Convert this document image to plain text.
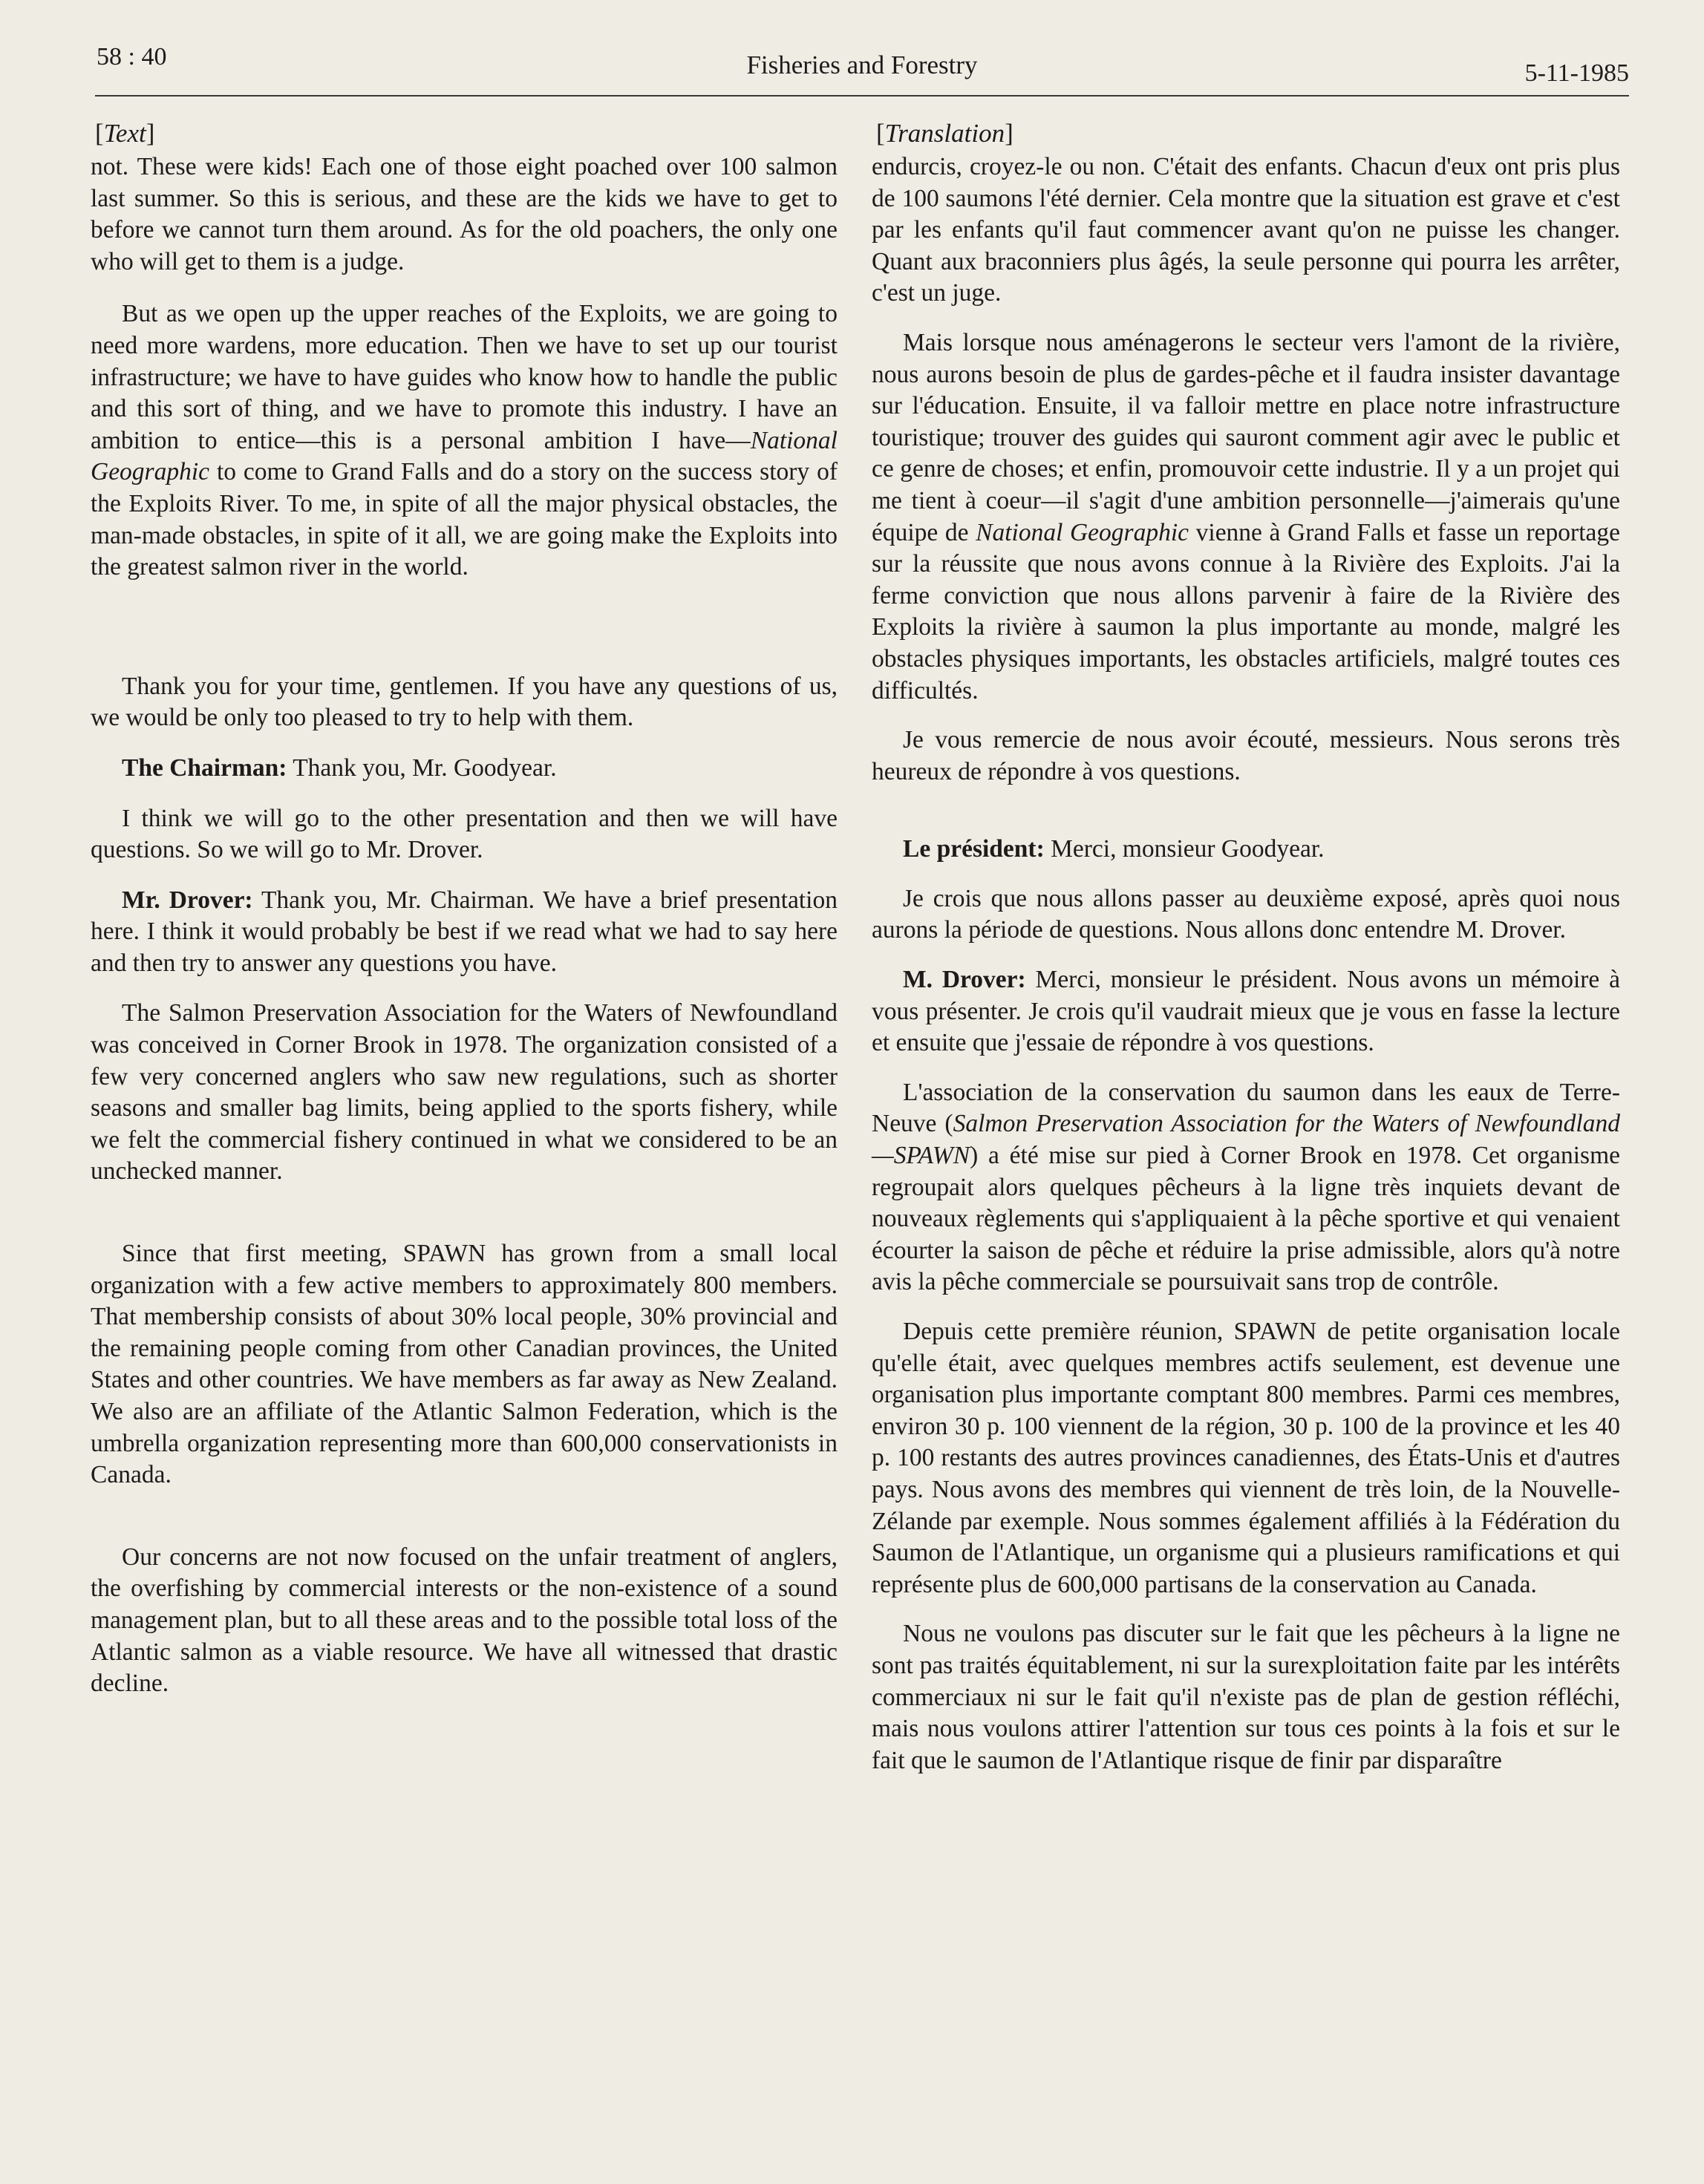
58 : 40	Fisheries and Forestry	5-11-1985
[Text]

not. These were kids! Each one of those eight poached over 100 salmon last summer. So this is serious, and these are the kids we have to get to before we cannot turn them around. As for the old poachers, the only one who will get to them is a judge.

But as we open up the upper reaches of the Exploits, we are going to need more wardens, more education. Then we have to set up our tourist infrastructure; we have to have guides who know how to handle the public and this sort of thing, and we have to promote this industry. I have an ambition to entice—this is a personal ambition I have—National Geographic to come to Grand Falls and do a story on the success story of the Exploits River. To me, in spite of all the major physical obstacles, the man-made obstacles, in spite of it all, we are going make the Exploits into the greatest salmon river in the world.

Thank you for your time, gentlemen. If you have any questions of us, we would be only too pleased to try to help with them.

The Chairman: Thank you, Mr. Goodyear.

I think we will go to the other presentation and then we will have questions. So we will go to Mr. Drover.

Mr. Drover: Thank you, Mr. Chairman. We have a brief presentation here. I think it would probably be best if we read what we had to say here and then try to answer any questions you have.

The Salmon Preservation Association for the Waters of Newfoundland was conceived in Corner Brook in 1978. The organization consisted of a few very concerned anglers who saw new regulations, such as shorter seasons and smaller bag limits, being applied to the sports fishery, while we felt the commercial fishery continued in what we considered to be an unchecked manner.

Since that first meeting, SPAWN has grown from a small local organization with a few active members to approximately 800 members. That membership consists of about 30% local people, 30% provincial and the remaining people coming from other Canadian provinces, the United States and other countries. We have members as far away as New Zealand. We also are an affiliate of the Atlantic Salmon Federation, which is the umbrella organization representing more than 600,000 conservationists in Canada.

Our concerns are not now focused on the unfair treatment of anglers, the overfishing by commercial interests or the non-existence of a sound management plan, but to all these areas and to the possible total loss of the Atlantic salmon as a viable resource. We have all witnessed that drastic decline.

[Translation]

endurcis, croyez-le ou non. C'était des enfants. Chacun d'eux ont pris plus de 100 saumons l'été dernier. Cela montre que la situation est grave et c'est par les enfants qu'il faut commencer avant qu'on ne puisse les changer. Quant aux braconniers plus âgés, la seule personne qui pourra les arrêter, c'est un juge.

Mais lorsque nous aménagerons le secteur vers l'amont de la rivière, nous aurons besoin de plus de gardes-pêche et il faudra insister davantage sur l'éducation. Ensuite, il va falloir mettre en place notre infrastructure touristique; trouver des guides qui sauront comment agir avec le public et ce genre de choses; et enfin, promouvoir cette industrie. Il y a un projet qui me tient à coeur—il s'agit d'une ambition personnelle—j'aimerais qu'une équipe de National Geographic vienne à Grand Falls et fasse un reportage sur la réussite que nous avons connue à la Rivière des Exploits. J'ai la ferme conviction que nous allons parvenir à faire de la Rivière des Exploits la rivière à saumon la plus importante au monde, malgré les obstacles physiques importants, les obstacles artificiels, malgré toutes ces difficultés.

Je vous remercie de nous avoir écouté, messieurs. Nous serons très heureux de répondre à vos questions.

Le président: Merci, monsieur Goodyear.

Je crois que nous allons passer au deuxième exposé, après quoi nous aurons la période de questions. Nous allons donc entendre M. Drover.

M. Drover: Merci, monsieur le président. Nous avons un mémoire à vous présenter. Je crois qu'il vaudrait mieux que je vous en fasse la lecture et ensuite que j'essaie de répondre à vos questions.

L'association de la conservation du saumon dans les eaux de Terre-Neuve (Salmon Preservation Association for the Waters of Newfoundland—SPAWN) a été mise sur pied à Corner Brook en 1978. Cet organisme regroupait alors quelques pêcheurs à la ligne très inquiets devant de nouveaux règlements qui s'appliquaient à la pêche sportive et qui venaient écourter la saison de pêche et réduire la prise admissible, alors qu'à notre avis la pêche commerciale se poursuivait sans trop de contrôle.

Depuis cette première réunion, SPAWN de petite organisation locale qu'elle était, avec quelques membres actifs seulement, est devenue une organisation plus importante comptant 800 membres. Parmi ces membres, environ 30 p. 100 viennent de la région, 30 p. 100 de la province et les 40 p. 100 restants des autres provinces canadiennes, des États-Unis et d'autres pays. Nous avons des membres qui viennent de très loin, de la Nouvelle-Zélande par exemple. Nous sommes également affiliés à la Fédération du Saumon de l'Atlantique, un organisme qui a plusieurs ramifications et qui représente plus de 600,000 partisans de la conservation au Canada.

Nous ne voulons pas discuter sur le fait que les pêcheurs à la ligne ne sont pas traités équitablement, ni sur la surexploitation faite par les intérêts commerciaux ni sur le fait qu'il n'existe pas de plan de gestion réfléchi, mais nous voulons attirer l'attention sur tous ces points à la fois et sur le fait que le saumon de l'Atlantique risque de finir par disparaître
